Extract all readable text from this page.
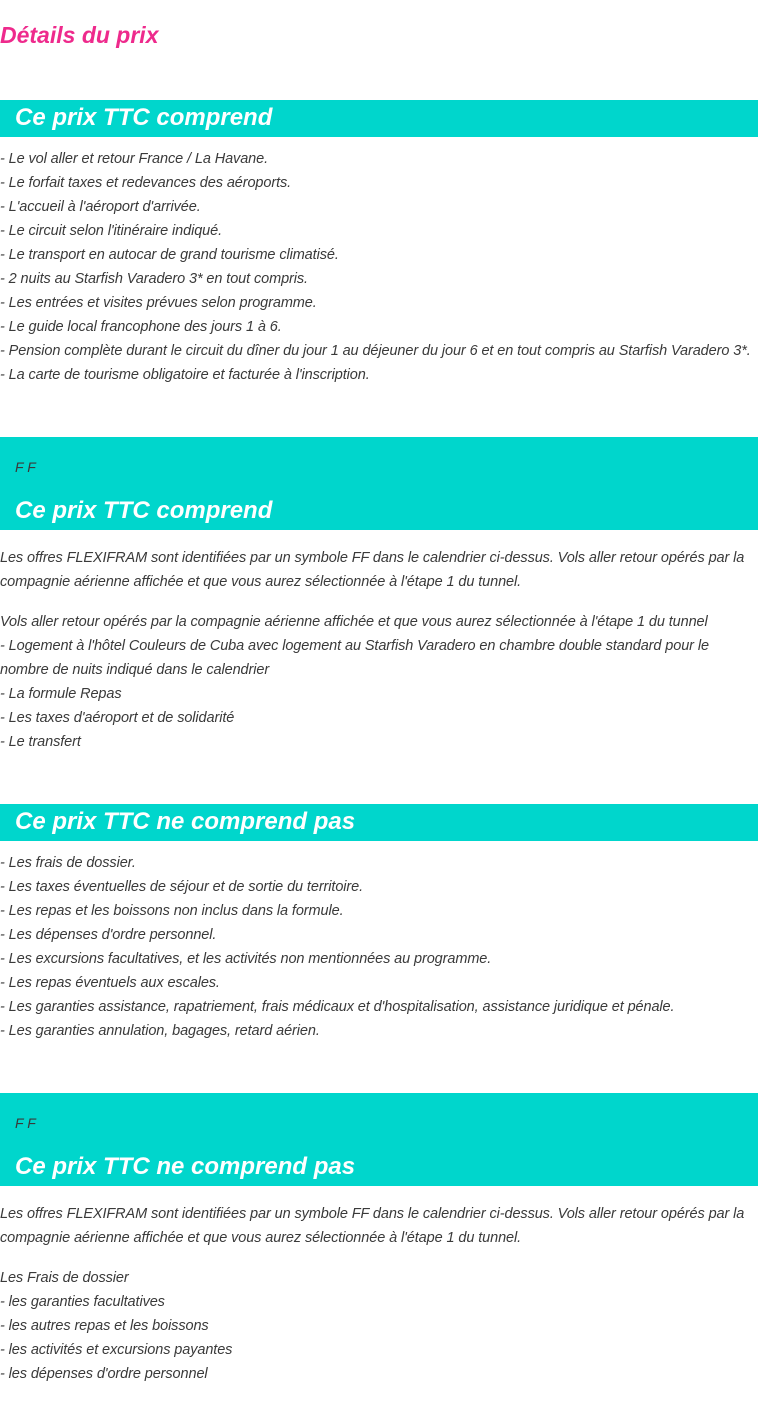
Détails du prix
Ce prix TTC comprend
- Le vol aller et retour France / La Havane.
- Le forfait taxes et redevances des aéroports.
- L'accueil à l'aéroport d'arrivée.
- Le circuit selon l'itinéraire indiqué.
- Le transport en autocar de grand tourisme climatisé.
- 2 nuits au Starfish Varadero 3* en tout compris.
- Les entrées et visites prévues selon programme.
- Le guide local francophone des jours 1 à 6.
- Pension complète durant le circuit du dîner du jour 1 au déjeuner du jour 6 et en tout compris au Starfish Varadero 3*.
- La carte de tourisme obligatoire et facturée à l'inscription.
F F
Ce prix TTC comprend

Les offres FLEXIFRAM sont identifiées par un symbole FF dans le calendrier ci-dessus. Vols aller retour opérés par la compagnie aérienne affichée et que vous aurez sélectionnée à l'étape 1 du tunnel.

Vols aller retour opérés par la compagnie aérienne affichée et que vous aurez sélectionnée à l'étape 1 du tunnel
- Logement à l'hôtel Couleurs de Cuba avec logement au Starfish Varadero en chambre double standard pour le nombre de nuits indiqué dans le calendrier
- La formule Repas
- Les taxes d'aéroport et de solidarité
- Le transfert
Ce prix TTC ne comprend pas
- Les frais de dossier.
- Les taxes éventuelles de séjour et de sortie du territoire.
- Les repas et les boissons non inclus dans la formule.
- Les dépenses d'ordre personnel.
- Les excursions facultatives, et les activités non mentionnées au programme.
- Les repas éventuels aux escales.
- Les garanties assistance, rapatriement, frais médicaux et d'hospitalisation, assistance juridique et pénale.
- Les garanties annulation, bagages, retard aérien.
F F
Ce prix TTC ne comprend pas

Les offres FLEXIFRAM sont identifiées par un symbole FF dans le calendrier ci-dessus. Vols aller retour opérés par la compagnie aérienne affichée et que vous aurez sélectionnée à l'étape 1 du tunnel.

Les Frais de dossier
- les garanties facultatives
- les autres repas et les boissons
- les activités et excursions payantes
- les dépenses d'ordre personnel
